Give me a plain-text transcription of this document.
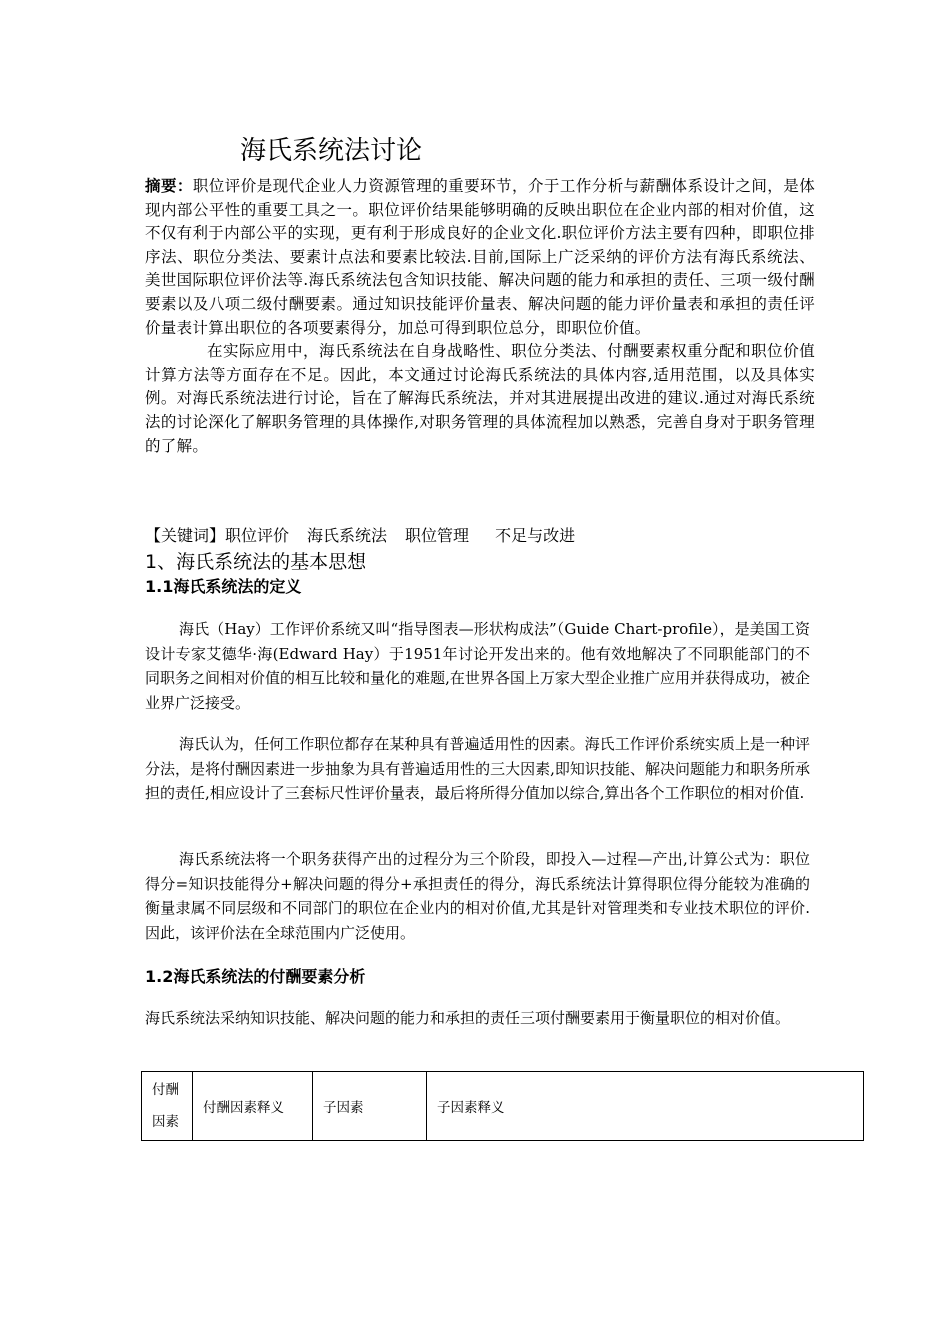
海氏系统法讨论

摘要：职位评价是现代企业人力资源管理的重要环节，介于工作分析与薪酬体系设计之间，是体现内部公平性的重要工具之一。职位评价结果能够明确的反映出职位在企业内部的相对价值，这不仅有利于内部公平的实现，更有利于形成良好的企业文化.职位评价方法主要有四种，即职位排序法、职位分类法、要素计点法和要素比较法.目前,国际上广泛采纳的评价方法有海氏系统法、美世国际职位评价法等.海氏系统法包含知识技能、解决问题的能力和承担的责任、三项一级付酬要素以及八项二级付酬要素。通过知识技能评价量表、解决问题的能力评价量表和承担的责任评价量表计算出职位的各项要素得分，加总可得到职位总分，即职位价值。

在实际应用中，海氏系统法在自身战略性、职位分类法、付酬要素权重分配和职位价值计算方法等方面存在不足。因此，本文通过讨论海氏系统法的具体内容,适用范围，以及具体实例。对海氏系统法进行讨论，旨在了解海氏系统法，并对其进展提出改进的建议.通过对海氏系统法的讨论深化了解职务管理的具体操作,对职务管理的具体流程加以熟悉，完善自身对于职务管理的了解。

【关键词】职位评价 海氏系统法 职位管理 不足与改进

1、海氏系统法的基本思想
1.1海氏系统法的定义

海氏（Hay）工作评价系统又叫“指导图表—形状构成法”（Guide Chart-profile），是美国工资设计专家艾德华·海(Edward Hay）于1951年讨论开发出来的。他有效地解决了不同职能部门的不同职务之间相对价值的相互比较和量化的难题,在世界各国上万家大型企业推广应用并获得成功，被企业界广泛接受。

海氏认为，任何工作职位都存在某种具有普遍适用性的因素。海氏工作评价系统实质上是一种评分法，是将付酬因素进一步抽象为具有普遍适用性的三大因素,即知识技能、解决问题能力和职务所承担的责任,相应设计了三套标尺性评价量表，最后将所得分值加以综合,算出各个工作职位的相对价值.

海氏系统法将一个职务获得产出的过程分为三个阶段，即投入—过程—产出,计算公式为：职位得分=知识技能得分+解决问题的得分+承担责任的得分，海氏系统法计算得职位得分能较为准确的衡量隶属不同层级和不同部门的职位在企业内的相对价值,尤其是针对管理类和专业技术职位的评价.因此，该评价法在全球范围内广泛使用。

1.2海氏系统法的付酬要素分析

海氏系统法采纳知识技能、解决问题的能力和承担的责任三项付酬要素用于衡量职位的相对价值。

付酬因素	付酬因素释义	子因素	子因素释义
